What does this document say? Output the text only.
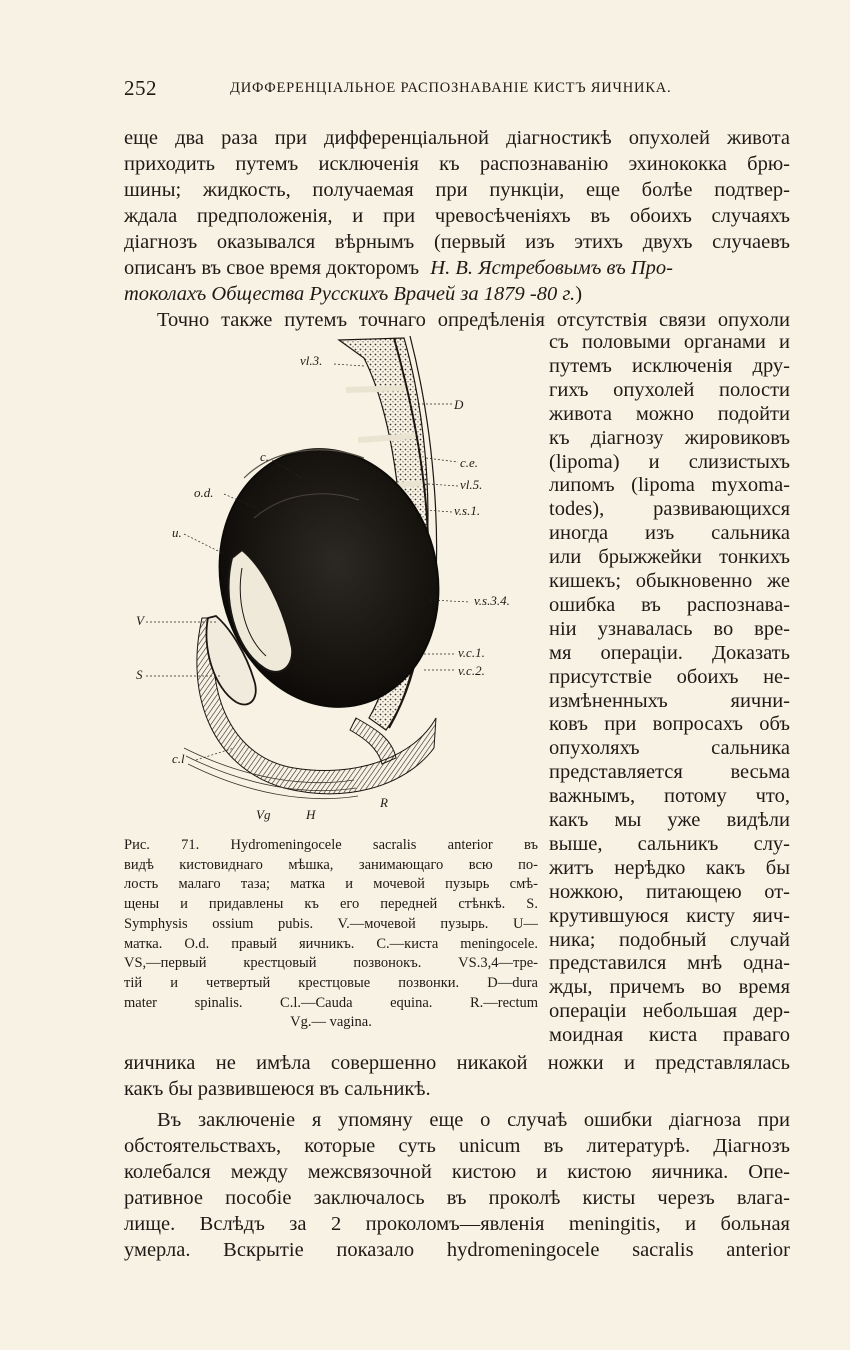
252	ДИФФЕРЕНЦІАЛЬНОЕ РАСПОЗНАВАНІЕ КИСТЪ ЯИЧНИКА.
еще два раза при дифференціальной діагностикѣ опухолей живота
приходить путемъ исключенія къ распознаванію эхинококка брю-
шины; жидкость, получаемая при пункціи, еще болѣе подтвер-
ждала предположенія, и при чревосѣченіяхъ въ обоихъ случаяхъ
діагнозъ оказывался вѣрнымъ (первый изъ этихъ двухъ случаевъ
описанъ въ свое время докторомъ Н. В. Ястребовымъ въ Про-
токолахъ Общества Русскихъ Врачей за 1879 -80 г.)
Точно также путемъ точнаго опредѣленія отсутствія связи опухоли
съ половыми органами и
путемъ исключенія дру-
гихъ опухолей полости
живота можно подойти
къ діагнозу жировиковъ
(lipoma) и слизистыхъ
липомъ (lipoma myxoma-
todes), развивающихся
иногда изъ сальника
или брыжжейки тонкихъ
кишекъ; обыкновенно же
ошибка въ распознава-
ніи узнавалась во вре-
мя операціи. Доказать
присутствіе обоихъ не-
измѣненныхъ яични-
ковъ при вопросахъ объ
опухоляхъ сальника
представляется весьма
важнымъ, потому что,
какъ мы уже видѣли
выше, сальникъ слу-
житъ нерѣдко какъ бы
ножкою, питающею от-
крутившуюся кисту яич-
ника; подобный случай
представился мнѣ одна-
жды, причемъ во время
операціи небольшая дер-
моидная киста праваго
яичника не имѣла совершенно никакой ножки и представлялась
какъ бы развившеюся въ сальникѣ.
Въ заключеніе я упомяну еще о случаѣ ошибки діагноза при
обстоятельствахъ, которые суть unicum въ литературѣ. Діагнозъ
колебался между межсвязочной кистою и кистою яичника. Опе-
ративное пособіе заключалось въ проколѣ кисты черезъ влага-
лище. Вслѣдъ за 2 проколомъ—явленія meningitis, и больная
умерла. Вскрытіе показало hydromeningocele sacralis anterior
vl.3.
D
c.	c.e.
o.d.
vl.5.
v.s.1.
u.
v.s.3.4.
V
v.c.1.
S	v.c.2.
c.l
Vg	H
R
Рис. 71. Hydromeningocele sacralis anterior въ
видѣ кистовиднаго мѣшка, занимающаго всю по-
лость малаго таза; матка и мочевой пузырь смѣ-
щены и придавлены къ его передней стѣнкѣ. S.
Symphysis ossium pubis. V.—мочевой пузырь. U—
матка. O.d. правый яичникъ. C.—киста meningocele.
VS,—первый крестцовый позвонокъ. VS.3,4—тре-
тій и четвертый крестцовые позвонки. D—dura
mater spinalis. C.l.—Cauda equina. R.—rectum
Vg.— vagina.
